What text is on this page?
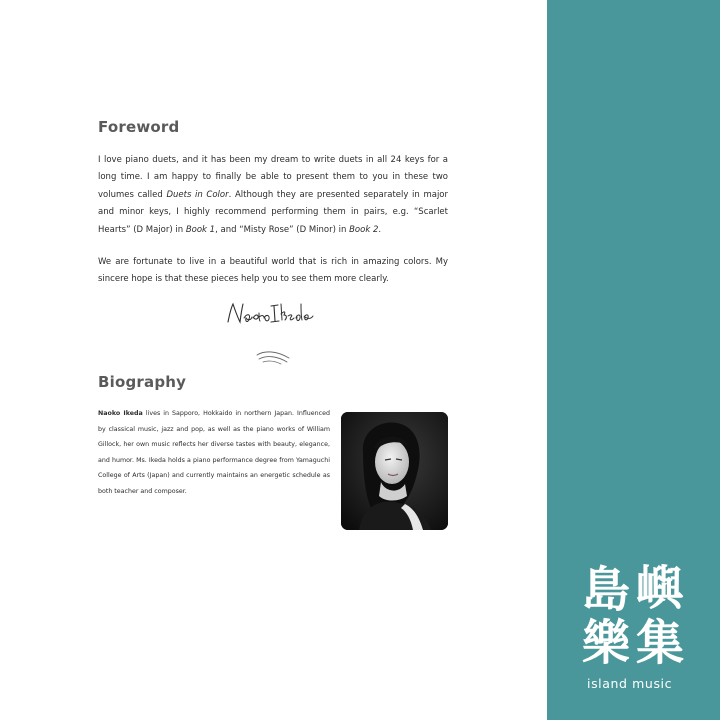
Foreword

I love piano duets, and it has been my dream to write duets in all 24 keys for a long time. I am happy to finally be able to present them to you in these two volumes called Duets in Color. Although they are presented separately in major and minor keys, I highly recommend performing them in pairs, e.g. “Scarlet Hearts” (D Major) in Book 1, and “Misty Rose” (D Minor) in Book 2.

We are fortunate to live in a beautiful world that is rich in amazing colors. My sincere hope is that these pieces help you to see them more clearly.

Biography

Naoko Ikeda lives in Sapporo, Hokkaido in northern Japan. Influenced by classical music, jazz and pop, as well as the piano works of William Gillock, her own music reflects her diverse tastes with beauty, elegance, and humor. Ms. Ikeda holds a piano performance degree from Yamaguchi College of Arts (Japan) and currently maintains an energetic schedule as both teacher and composer.

島 嶼
樂 集

island music
